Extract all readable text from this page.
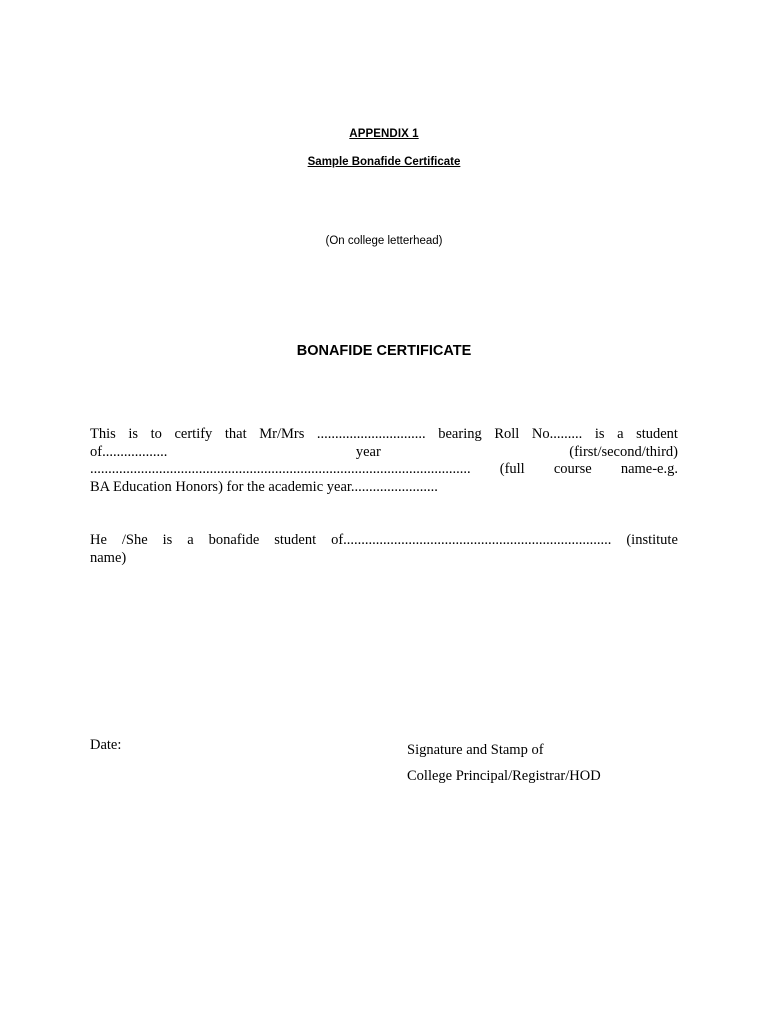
APPENDIX 1
Sample Bonafide Certificate
(On college letterhead)
BONAFIDE CERTIFICATE
This is to certify that Mr/Mrs .............................. bearing Roll No......... is a student
of..................	year	(first/second/third)
......................................................................................................... (full course name-e.g.
BA Education Honors) for the academic year........................
He /She is a bonafide student of.......................................................................... (institute
name)
Date:	Signature and Stamp of
College Principal/Registrar/HOD
